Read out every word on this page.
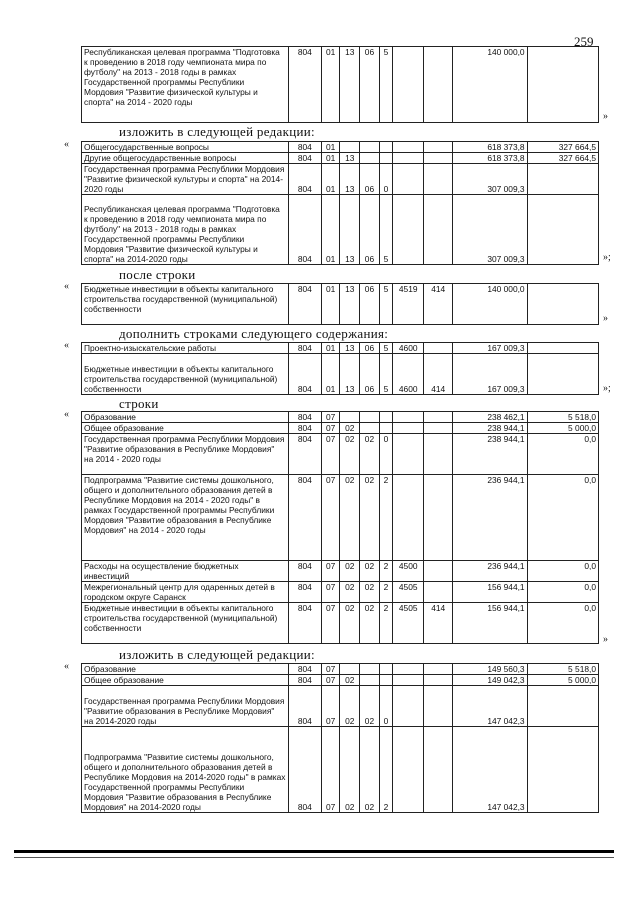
259
Республиканская целевая программа "Подготовка к проведению в 2018 году чемпионата мира по футболу" на 2013 - 2018 годы в рамках Государственной программы Республики Мордовия "Развитие физической культуры и спорта" на 2014 - 2020 годы	804	01	13	06	5			140 000,0	
»
изложить в следующей редакции:
Общегосударственные вопросы	804	01						618 373,8	327 664,5
Другие общегосударственные вопросы	804	01	13					618 373,8	327 664,5
Государственная программа Республики Мордовия "Развитие физической культуры и спорта" на 2014-2020 годы	804	01	13	06	0			307 009,3	
Республиканская целевая программа "Подготовка к проведению в 2018 году чемпионата мира по футболу" на 2013 - 2018 годы в рамках Государственной программы Республики Мордовия "Развитие физической культуры и спорта" на 2014-2020 годы	804	01	13	06	5			307 009,3	
«
»;
после строки
Бюджетные инвестиции в объекты капитального строительства государственной (муниципальной) собственности	804	01	13	06	5	4519	414	140 000,0	
«
»
дополнить строками следующего содержания:
Проектно-изыскательские работы	804	01	13	06	5	4600		167 009,3	
Бюджетные инвестиции в объекты капитального строительства государственной (муниципальной) собственности	804	01	13	06	5	4600	414	167 009,3	
«
»;
строки
Образование	804	07						238 462,1	5 518,0
Общее образование	804	07	02					238 944,1	5 000,0
Государственная программа Республики Мордовия "Развитие образования в Республике Мордовия" на 2014 - 2020 годы	804	07	02	02	0			238 944,1	0,0
Подпрограмма "Развитие системы дошкольного, общего и дополнительного образования детей в Республике Мордовия на 2014 - 2020 годы" в рамках Государственной программы Республики Мордовия "Развитие образования в Республике Мордовия" на 2014 - 2020 годы	804	07	02	02	2			236 944,1	0,0
Расходы на осуществление бюджетных инвестиций	804	07	02	02	2	4500		236 944,1	0,0
Межрегиональный центр для одаренных детей в городском округе Саранск	804	07	02	02	2	4505		156 944,1	0,0
Бюджетные инвестиции в объекты капитального строительства государственной (муниципальной) собственности	804	07	02	02	2	4505	414	156 944,1	0,0
«
»
изложить в следующей редакции:
Образование	804	07						149 560,3	5 518,0
Общее образование	804	07	02					149 042,3	5 000,0
Государственная программа Республики Мордовия "Развитие образования в Республике Мордовия" на 2014-2020 годы	804	07	02	02	0			147 042,3	
Подпрограмма "Развитие системы дошкольного, общего и дополнительного образования детей в Республике Мордовия на 2014-2020 годы" в рамках Государственной программы Республики Мордовия "Развитие образования в Республике Мордовия" на 2014-2020 годы	804	07	02	02	2			147 042,3	
«
